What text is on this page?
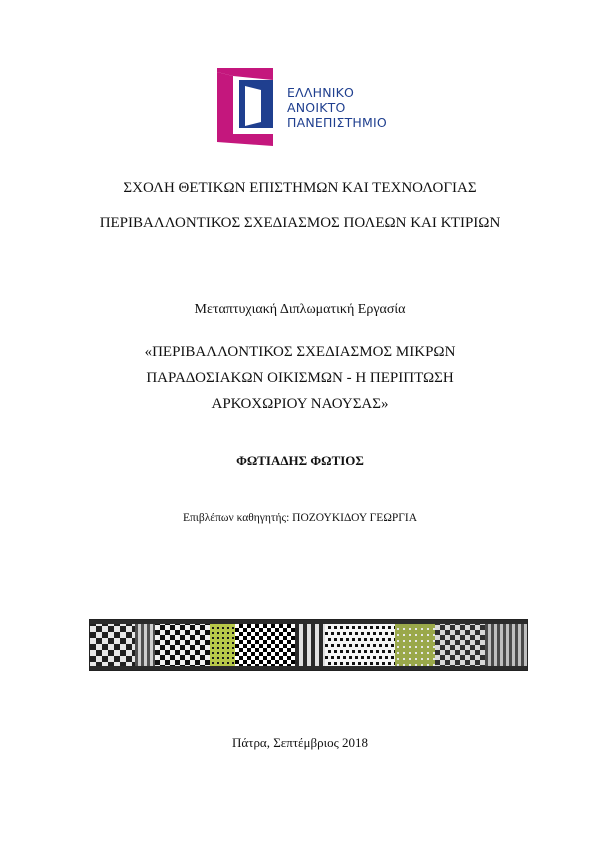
ΕΛΛΗΝΙΚΟ
ΑΝΟΙΚΤΟ
ΠΑΝΕΠΙΣΤΗΜΙΟ
ΣΧΟΛΗ ΘΕΤΙΚΩΝ ΕΠΙΣΤΗΜΩΝ ΚΑΙ ΤΕΧΝΟΛΟΓΙΑΣ
ΠΕΡΙΒΑΛΛΟΝΤΙΚΟΣ ΣΧΕΔΙΑΣΜΟΣ ΠΟΛΕΩΝ ΚΑΙ ΚΤΙΡΙΩΝ
Μεταπτυχιακή Διπλωματική Εργασία
«ΠΕΡΙΒΑΛΛΟΝΤΙΚΟΣ ΣΧΕΔΙΑΣΜΟΣ ΜΙΚΡΩΝ
ΠΑΡΑΔΟΣΙΑΚΩΝ ΟΙΚΙΣΜΩΝ - Η ΠΕΡΙΠΤΩΣΗ
ΑΡΚΟΧΩΡΙΟΥ ΝΑΟΥΣΑΣ»
ΦΩΤΙΑΔΗΣ ΦΩΤΙΟΣ
Επιβλέπων καθηγητής: ΠΟΖΟΥΚΙΔΟΥ ΓΕΩΡΓΙΑ
Πάτρα, Σεπτέμβριος 2018
